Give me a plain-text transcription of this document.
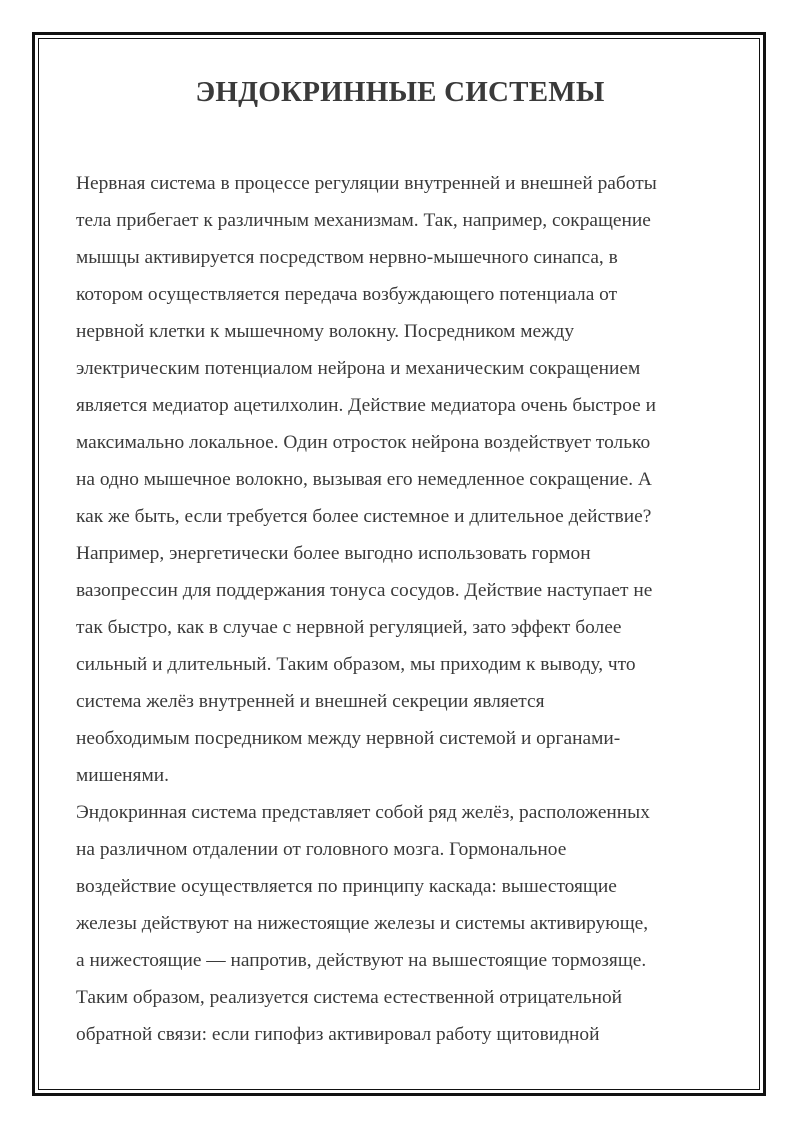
ЭНДОКРИННЫЕ СИСТЕМЫ
Нервная система в процессе регуляции внутренней и внешней работы
тела прибегает к различным механизмам. Так, например, сокращение
мышцы активируется посредством нервно-мышечного синапса, в
котором осуществляется передача возбуждающего потенциала от
нервной клетки к мышечному волокну. Посредником между
электрическим потенциалом нейрона и механическим сокращением
является медиатор ацетилхолин. Действие медиатора очень быстрое и
максимально локальное. Один отросток нейрона воздействует только
на одно мышечное волокно, вызывая его немедленное сокращение. А
как же быть, если требуется более системное и длительное действие?
Например, энергетически более выгодно использовать гормон
вазопрессин для поддержания тонуса сосудов. Действие наступает не
так быстро, как в случае с нервной регуляцией, зато эффект более
сильный и длительный. Таким образом, мы приходим к выводу, что
система желёз внутренней и внешней секреции является
необходимым посредником между нервной системой и органами-
мишенями.
Эндокринная система представляет собой ряд желёз, расположенных
на различном отдалении от головного мозга. Гормональное
воздействие осуществляется по принципу каскада: вышестоящие
железы действуют на нижестоящие железы и системы активирующе,
а нижестоящие — напротив, действуют на вышестоящие тормозяще.
Таким образом, реализуется система естественной отрицательной
обратной связи: если гипофиз активировал работу щитовидной
